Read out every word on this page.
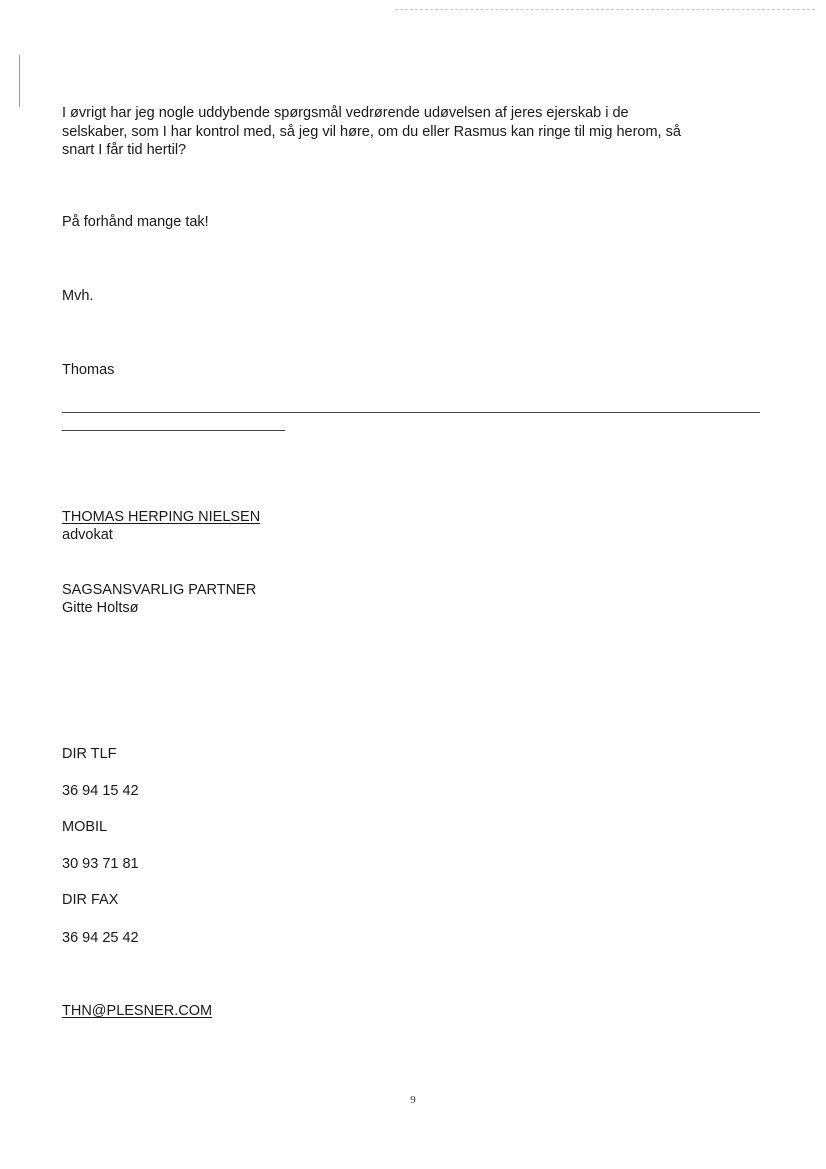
I øvrigt har jeg nogle uddybende spørgsmål vedrørende udøvelsen af jeres ejerskab i de
selskaber, som I har kontrol med, så jeg vil høre, om du eller Rasmus kan ringe til mig herom, så
snart I får tid hertil?

På forhånd mange tak!

Mvh.

Thomas

THOMAS HERPING NIELSEN

advokat

SAGSANSVARLIG PARTNER

Gitte Holtsø

DIR TLF

36 94 15 42

MOBIL

30 93 71 81

DIR FAX

36 94 25 42

THN@PLESNER.COM

9
